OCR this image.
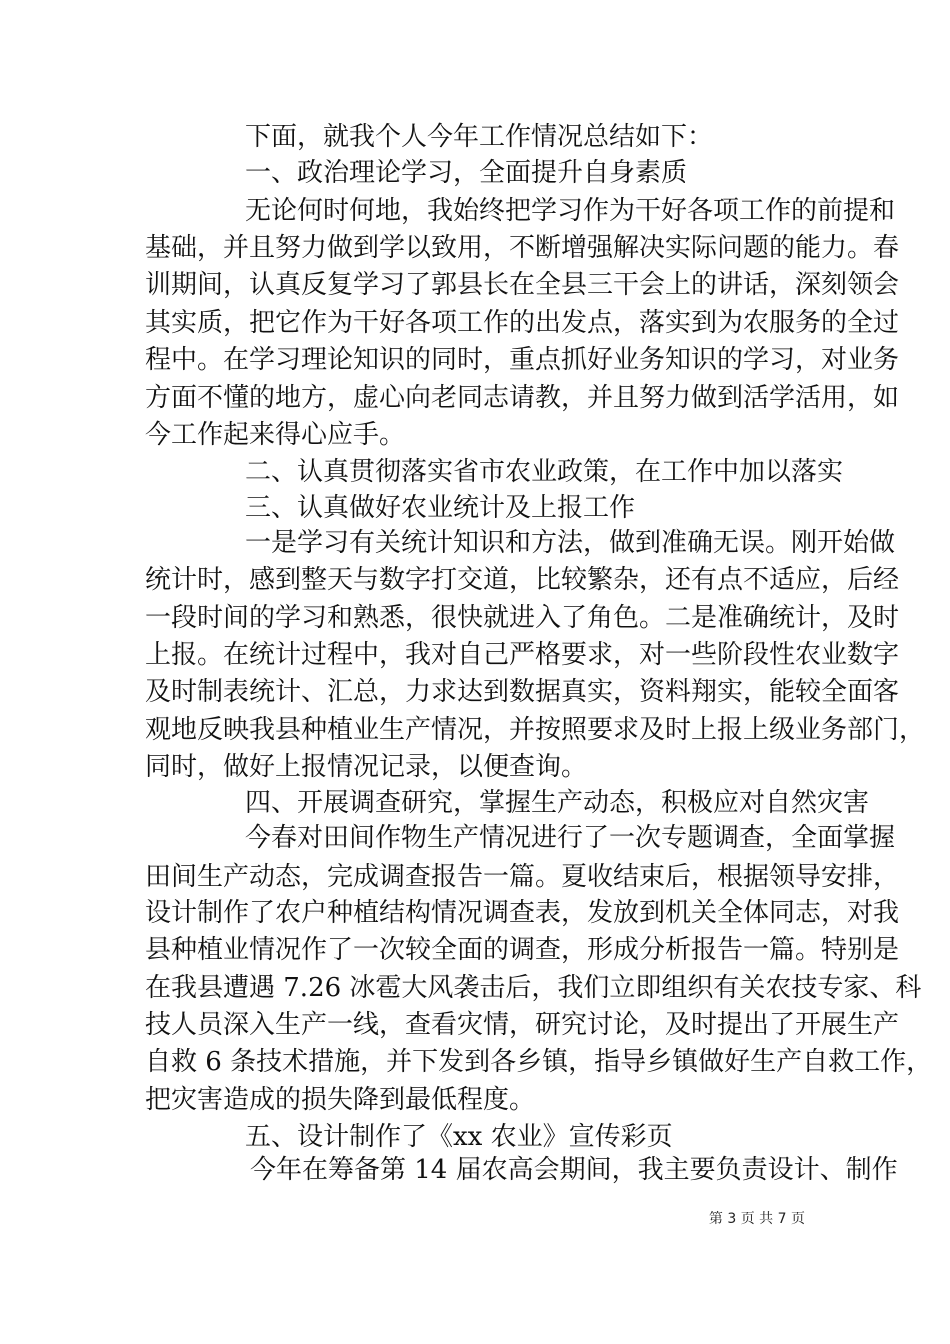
下面，就我个人今年工作情况总结如下：
一、政治理论学习，全面提升自身素质
无论何时何地，我始终把学习作为干好各项工作的前提和
基础，并且努力做到学以致用，不断增强解决实际问题的能力。春
训期间，认真反复学习了郭县长在全县三干会上的讲话，深刻领会
其实质，把它作为干好各项工作的出发点，落实到为农服务的全过
程中。在学习理论知识的同时，重点抓好业务知识的学习，对业务
方面不懂的地方，虚心向老同志请教，并且努力做到活学活用，如
今工作起来得心应手。
二、认真贯彻落实省市农业政策，在工作中加以落实
三、认真做好农业统计及上报工作
一是学习有关统计知识和方法，做到准确无误。刚开始做
统计时，感到整天与数字打交道，比较繁杂，还有点不适应，后经
一段时间的学习和熟悉，很快就进入了角色。二是准确统计，及时
上报。在统计过程中，我对自己严格要求，对一些阶段性农业数字
及时制表统计、汇总，力求达到数据真实，资料翔实，能较全面客
观地反映我县种植业生产情况，并按照要求及时上报上级业务部门，
同时，做好上报情况记录，以便查询。
四、开展调查研究，掌握生产动态，积极应对自然灾害
今春对田间作物生产情况进行了一次专题调查，全面掌握
田间生产动态，完成调查报告一篇。夏收结束后，根据领导安排，
设计制作了农户种植结构情况调查表，发放到机关全体同志，对我
县种植业情况作了一次较全面的调查，形成分析报告一篇。特别是
在我县遭遇 7.26 冰雹大风袭击后，我们立即组织有关农技专家、科
技人员深入生产一线，查看灾情，研究讨论，及时提出了开展生产
自救 6 条技术措施，并下发到各乡镇，指导乡镇做好生产自救工作，
把灾害造成的损失降到最低程度。
五、设计制作了《xx 农业》宣传彩页
今年在筹备第 14 届农高会期间，我主要负责设计、制作
第 3 页 共 7 页
